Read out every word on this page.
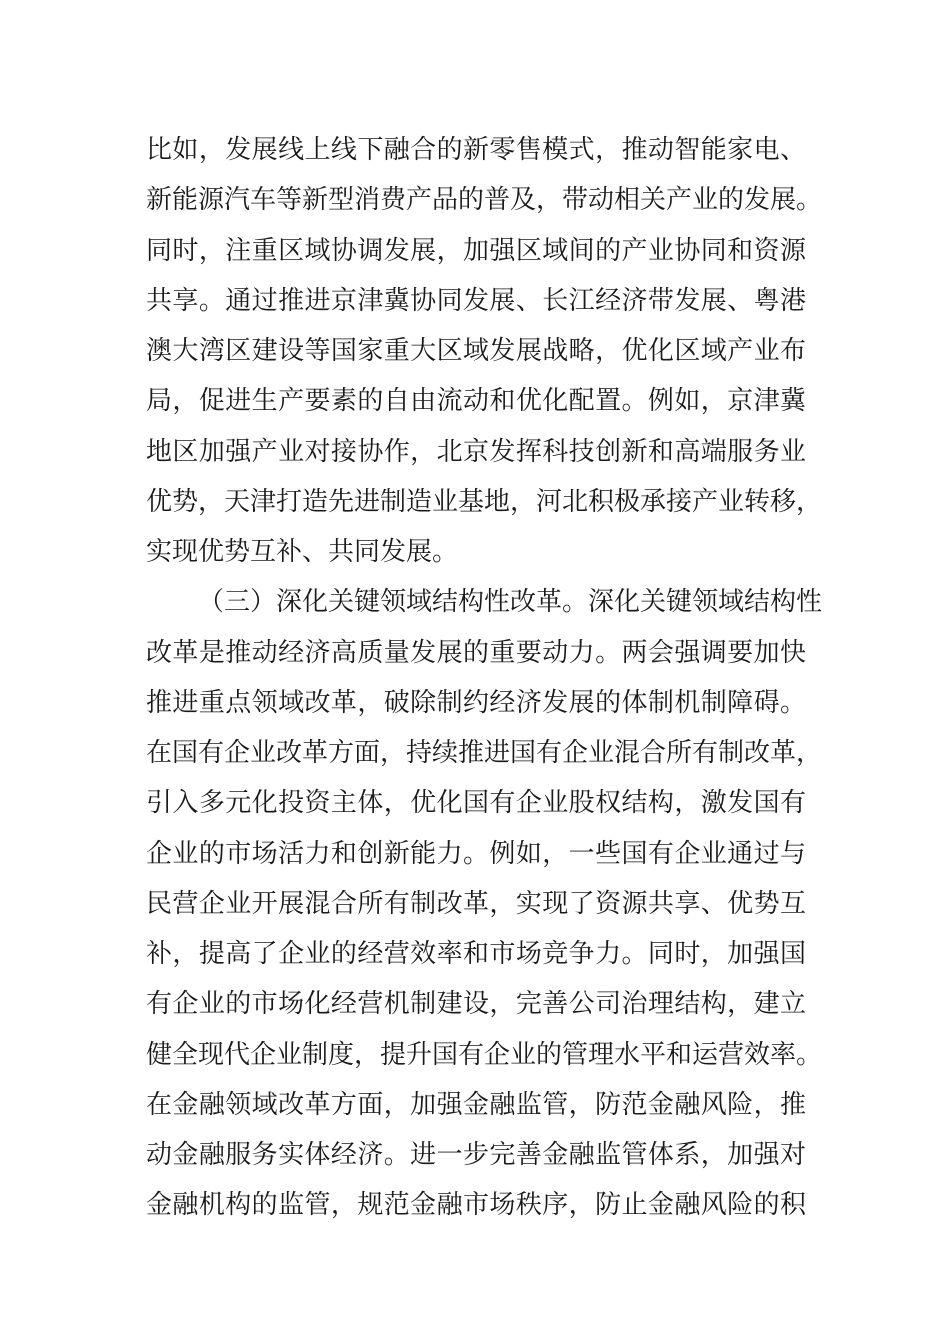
比如，发展线上线下融合的新零售模式，推动智能家电、
新能源汽车等新型消费产品的普及，带动相关产业的发展。
同时，注重区域协调发展，加强区域间的产业协同和资源
共享。通过推进京津冀协同发展、长江经济带发展、粤港
澳大湾区建设等国家重大区域发展战略，优化区域产业布
局，促进生产要素的自由流动和优化配置。例如，京津冀
地区加强产业对接协作，北京发挥科技创新和高端服务业
优势，天津打造先进制造业基地，河北积极承接产业转移，
实现优势互补、共同发展。
（三）深化关键领域结构性改革。深化关键领域结构性
改革是推动经济高质量发展的重要动力。两会强调要加快
推进重点领域改革，破除制约经济发展的体制机制障碍。
在国有企业改革方面，持续推进国有企业混合所有制改革，
引入多元化投资主体，优化国有企业股权结构，激发国有
企业的市场活力和创新能力。例如，一些国有企业通过与
民营企业开展混合所有制改革，实现了资源共享、优势互
补，提高了企业的经营效率和市场竞争力。同时，加强国
有企业的市场化经营机制建设，完善公司治理结构，建立
健全现代企业制度，提升国有企业的管理水平和运营效率。
在金融领域改革方面，加强金融监管，防范金融风险，推
动金融服务实体经济。进一步完善金融监管体系，加强对
金融机构的监管，规范金融市场秩序，防止金融风险的积
